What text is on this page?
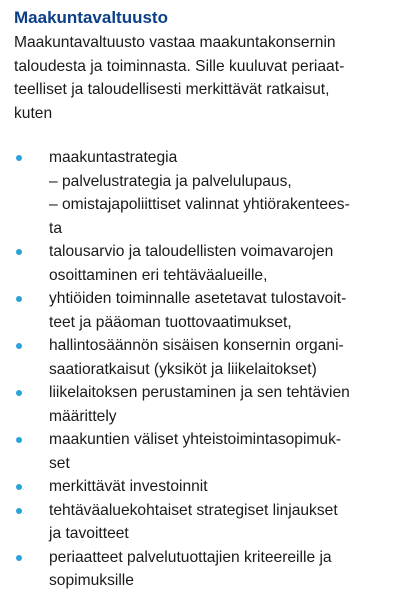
Maakuntavaltuusto

Maakuntavaltuusto vastaa maakuntakonsernin
taloudesta ja toiminnasta. Sille kuuluvat periaat-
teelliset ja taloudellisesti merkittävät ratkaisut,
kuten

maakuntastrategia
– palvelustrategia ja palvelulupaus,
– omistajapoliittiset valinnat yhtiörakentees-
ta
talousarvio ja taloudellisten voimavarojen
osoittaminen eri tehtäväalueille,
yhtiöiden toiminnalle asetetavat tulostavoit-
teet ja pääoman tuottovaatimukset,
hallintosäännön sisäisen konsernin organi-
saatioratkaisut (yksiköt ja liikelaitokset)
liikelaitoksen perustaminen ja sen tehtävien
määrittely
maakuntien väliset yhteistoimintasopimuk-
set
merkittävät investoinnit
tehtäväaluekohtaiset strategiset linjaukset
ja tavoitteet
periaatteet palvelutuottajien kriteereille ja
sopimuksille
